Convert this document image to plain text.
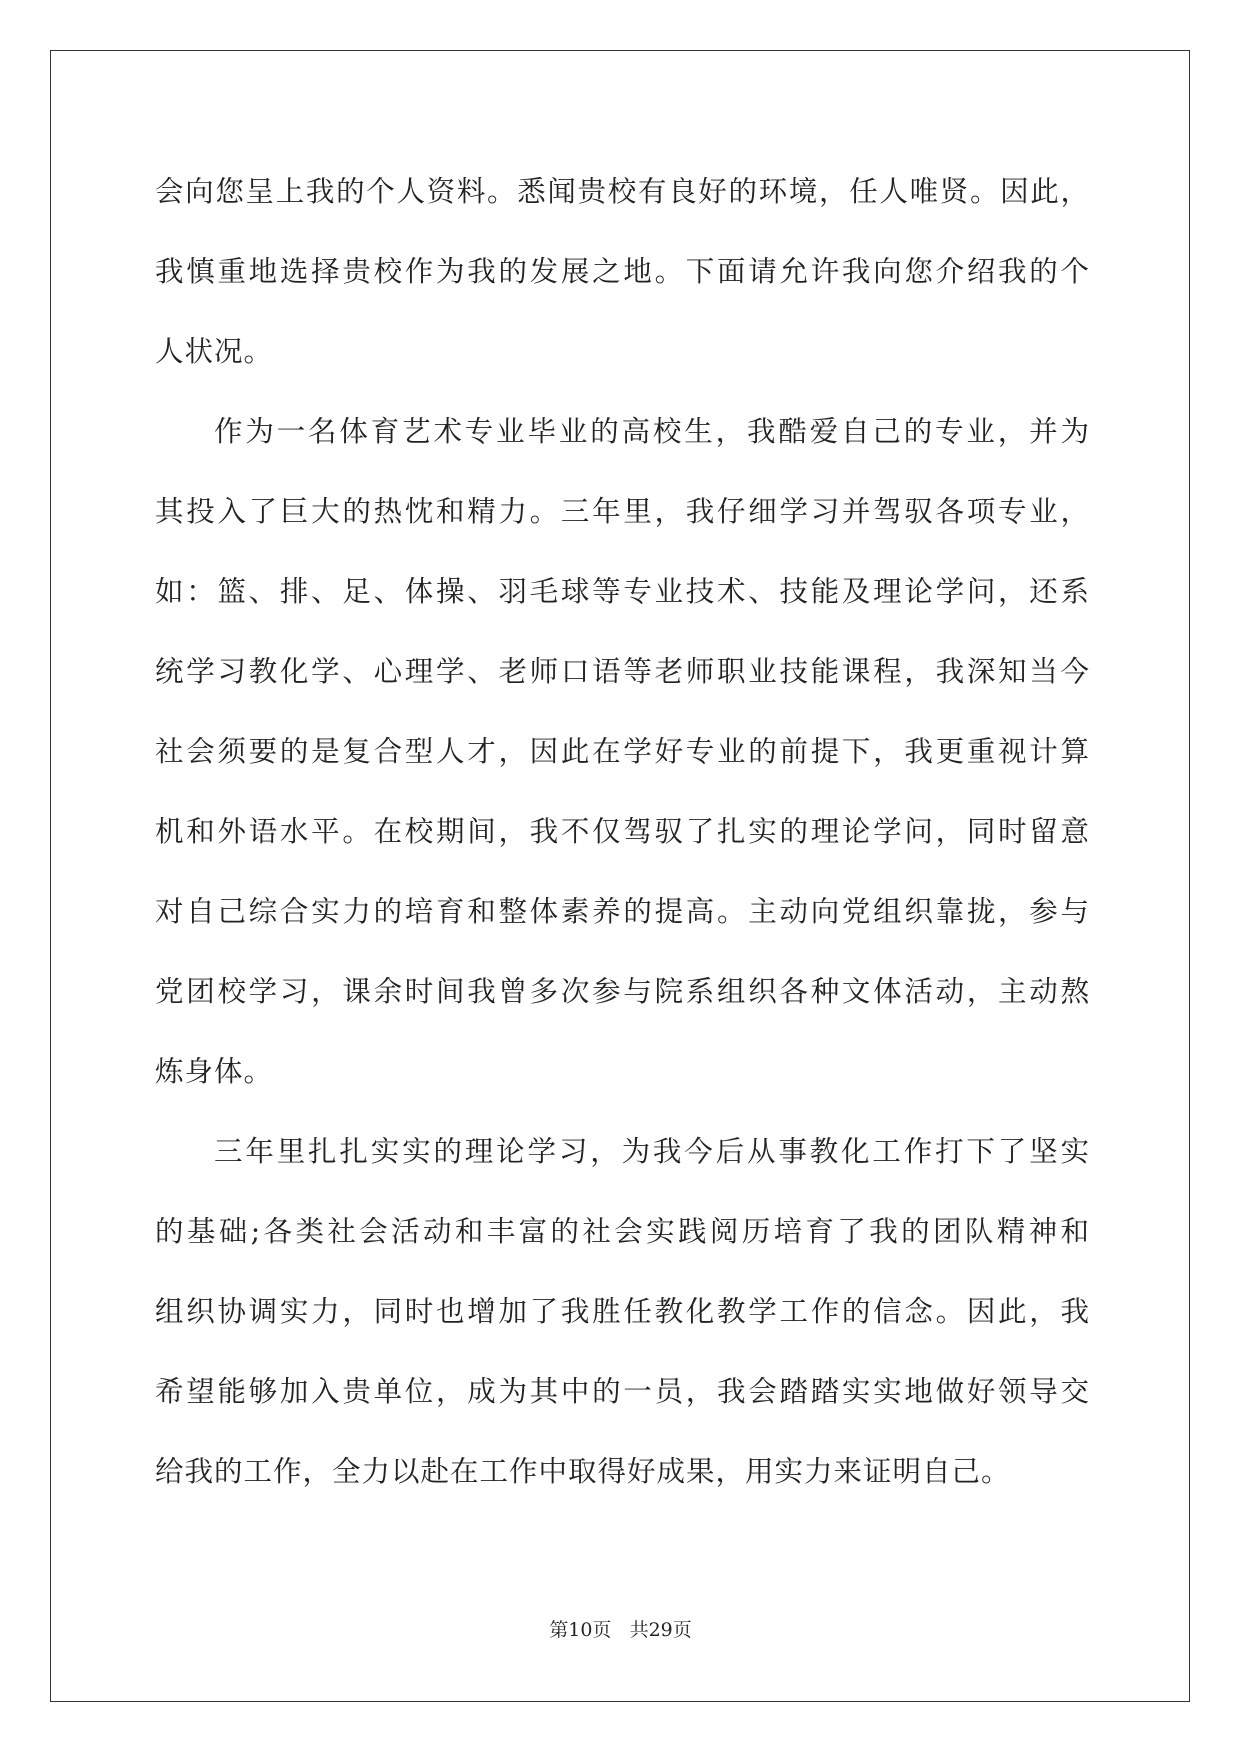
会向您呈上我的个人资料。悉闻贵校有良好的环境，任人唯贤。因此，
我慎重地选择贵校作为我的发展之地。下面请允许我向您介绍我的个
人状况。
作为一名体育艺术专业毕业的高校生，我酷爱自己的专业，并为
其投入了巨大的热忱和精力。三年里，我仔细学习并驾驭各项专业，
如：篮、排、足、体操、羽毛球等专业技术、技能及理论学问，还系
统学习教化学、心理学、老师口语等老师职业技能课程，我深知当今
社会须要的是复合型人才，因此在学好专业的前提下，我更重视计算
机和外语水平。在校期间，我不仅驾驭了扎实的理论学问，同时留意
对自己综合实力的培育和整体素养的提高。主动向党组织靠拢，参与
党团校学习，课余时间我曾多次参与院系组织各种文体活动，主动熬
炼身体。
三年里扎扎实实的理论学习，为我今后从事教化工作打下了坚实
的基础;各类社会活动和丰富的社会实践阅历培育了我的团队精神和
组织协调实力，同时也增加了我胜任教化教学工作的信念。因此，我
希望能够加入贵单位，成为其中的一员，我会踏踏实实地做好领导交
给我的工作，全力以赴在工作中取得好成果，用实力来证明自己。
第10页 共29页
